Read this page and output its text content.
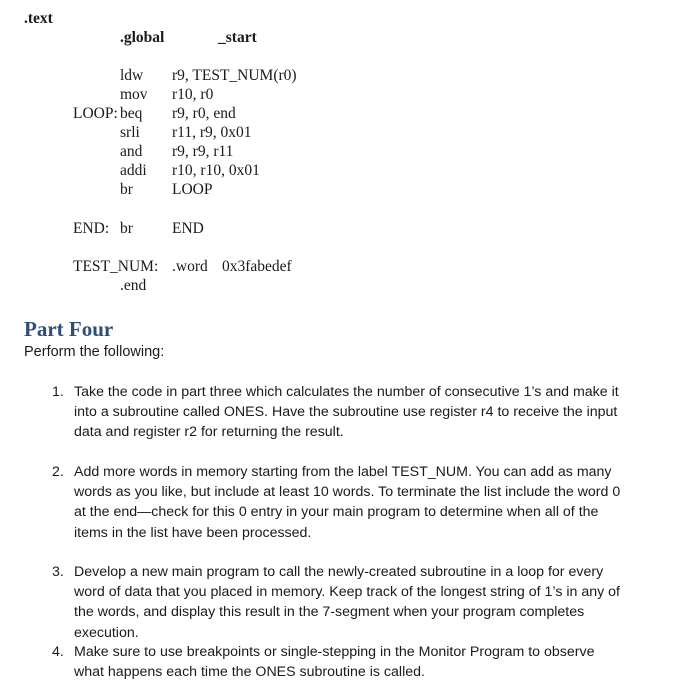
.text
.global	_start
ldw r9, TEST_NUM(r0)
mov r10, r0
LOOP: beq r9, r0, end
srli r11, r9, 0x01
and r9, r9, r11
addi r10, r10, 0x01
br	LOOP
END: br	END
TEST_NUM: .word 0x3fabedef
.end
Part Four
Perform the following:
1. Take the code in part three which calculates the number of consecutive 1’s and make it
into a subroutine called ONES. Have the subroutine use register r4 to receive the input
data and register r2 for returning the result.
2. Add more words in memory starting from the label TEST_NUM. You can add as many
words as you like, but include at least 10 words. To terminate the list include the word 0
at the end—check for this 0 entry in your main program to determine when all of the
items in the list have been processed.
3. Develop a new main program to call the newly-created subroutine in a loop for every
word of data that you placed in memory. Keep track of the longest string of 1’s in any of
the words, and display this result in the 7-segment when your program completes
execution.
4. Make sure to use breakpoints or single-stepping in the Monitor Program to observe
what happens each time the ONES subroutine is called.
